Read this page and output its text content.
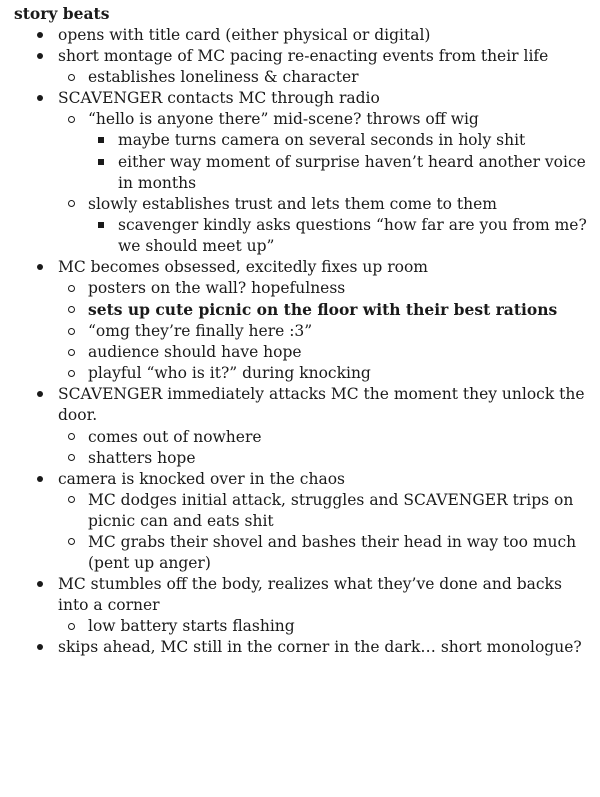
story beats
opens with title card (either physical or digital)
short montage of MC pacing re-enacting events from their life
establishes loneliness & character
SCAVENGER contacts MC through radio
“hello is anyone there” mid-scene? throws off wig
maybe turns camera on several seconds in holy shit
either way moment of surprise haven’t heard another voice in months
slowly establishes trust and lets them come to them
scavenger kindly asks questions “how far are you from me? we should meet up”
MC becomes obsessed, excitedly fixes up room
posters on the wall? hopefulness
sets up cute picnic on the floor with their best rations
“omg they’re finally here :3”
audience should have hope
playful “who is it?” during knocking
SCAVENGER immediately attacks MC the moment they unlock the door.
comes out of nowhere
shatters hope
camera is knocked over in the chaos
MC dodges initial attack, struggles and SCAVENGER trips on picnic can and eats shit
MC grabs their shovel and bashes their head in way too much (pent up anger)
MC stumbles off the body, realizes what they’ve done and backs into a corner
low battery starts flashing
skips ahead, MC still in the corner in the dark… short monologue?
